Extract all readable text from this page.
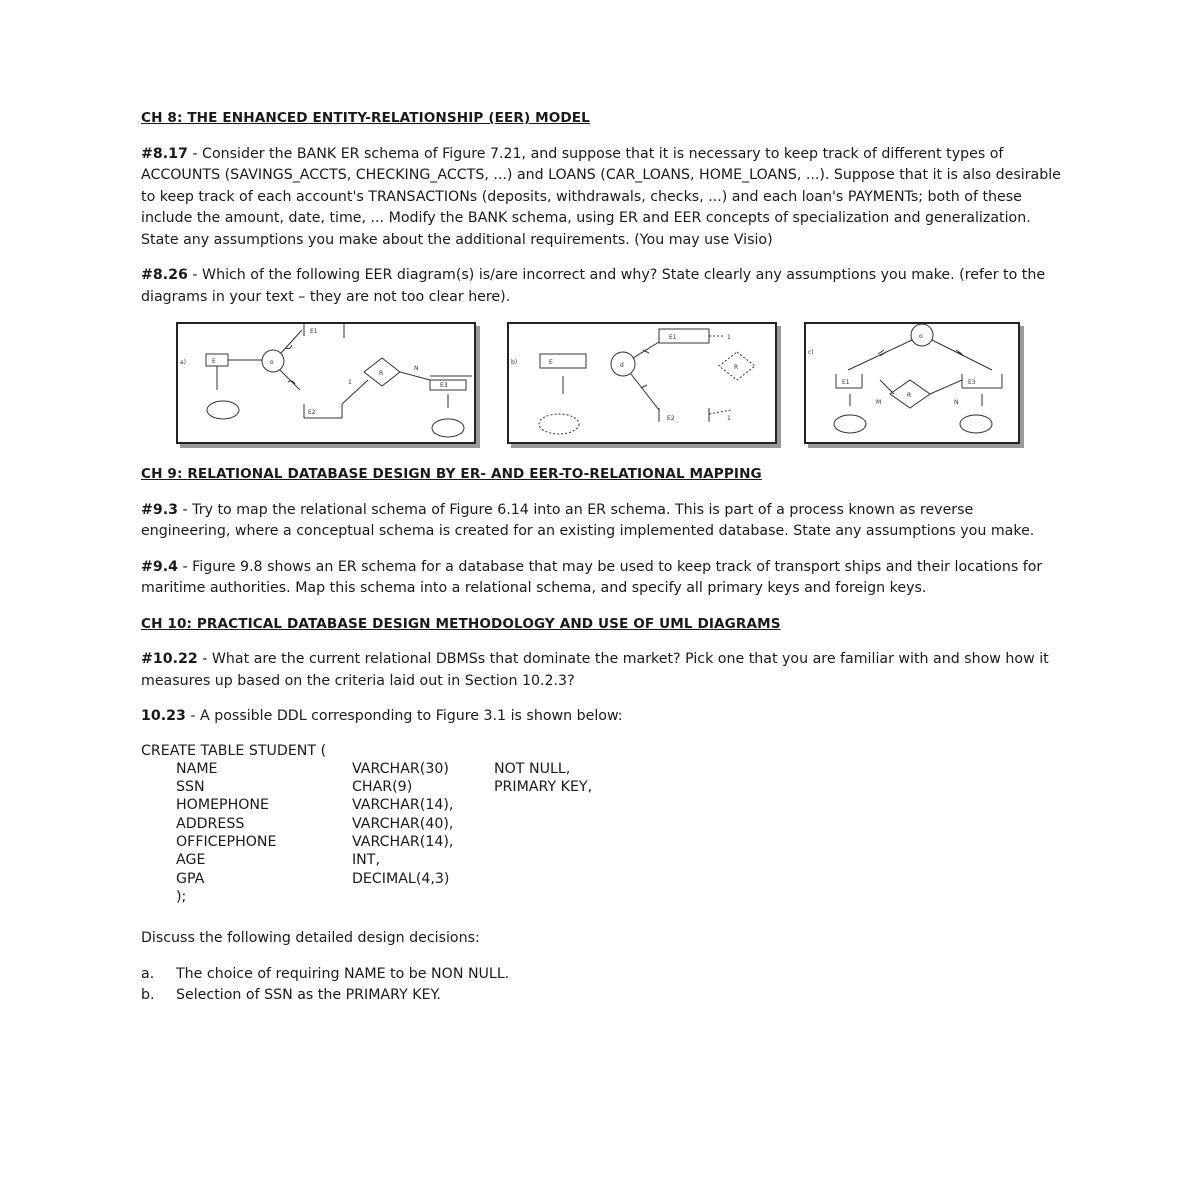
CH 8: THE ENHANCED ENTITY-RELATIONSHIP (EER) MODEL
#8.17 - Consider the BANK ER schema of Figure 7.21, and suppose that it is necessary to keep track of different types of ACCOUNTS (SAVINGS_ACCTS, CHECKING_ACCTS, ...) and LOANS (CAR_LOANS, HOME_LOANS, ...). Suppose that it is also desirable to keep track of each account's TRANSACTIONs (deposits, withdrawals, checks, ...) and each loan's PAYMENTs; both of these include the amount, date, time, ... Modify the BANK schema, using ER and EER concepts of specialization and generalization. State any assumptions you make about the additional requirements. (You may use Visio)
#8.26 - Which of the following EER diagram(s) is/are incorrect and why? State clearly any assumptions you make. (refer to the diagrams in your text – they are not too clear here).
a)	E	o
E1
E2
1
R
N
E3
b)	E	d
E1	1
R
E2	1
c)
o
E1	E3
R
M	N
CH 9: RELATIONAL DATABASE DESIGN BY ER- AND EER-TO-RELATIONAL MAPPING
#9.3 - Try to map the relational schema of Figure 6.14 into an ER schema. This is part of a process known as reverse engineering, where a conceptual schema is created for an existing implemented database. State any assumptions you make.
#9.4 - Figure 9.8 shows an ER schema for a database that may be used to keep track of transport ships and their locations for maritime authorities. Map this schema into a relational schema, and specify all primary keys and foreign keys.
CH 10: PRACTICAL DATABASE DESIGN METHODOLOGY AND USE OF UML DIAGRAMS
#10.22 - What are the current relational DBMSs that dominate the market? Pick one that you are familiar with and show how it measures up based on the criteria laid out in Section 10.2.3?
10.23 - A possible DDL corresponding to Figure 3.1 is shown below:
CREATE TABLE STUDENT (
NAME	VARCHAR(30)	NOT NULL,
SSN	CHAR(9)	PRIMARY KEY,
HOMEPHONE	VARCHAR(14),
ADDRESS	VARCHAR(40),
OFFICEPHONE	VARCHAR(14),
AGE	INT,
GPA	DECIMAL(4,3)
);
Discuss the following detailed design decisions:
a. The choice of requiring NAME to be NON NULL.
b. Selection of SSN as the PRIMARY KEY.
